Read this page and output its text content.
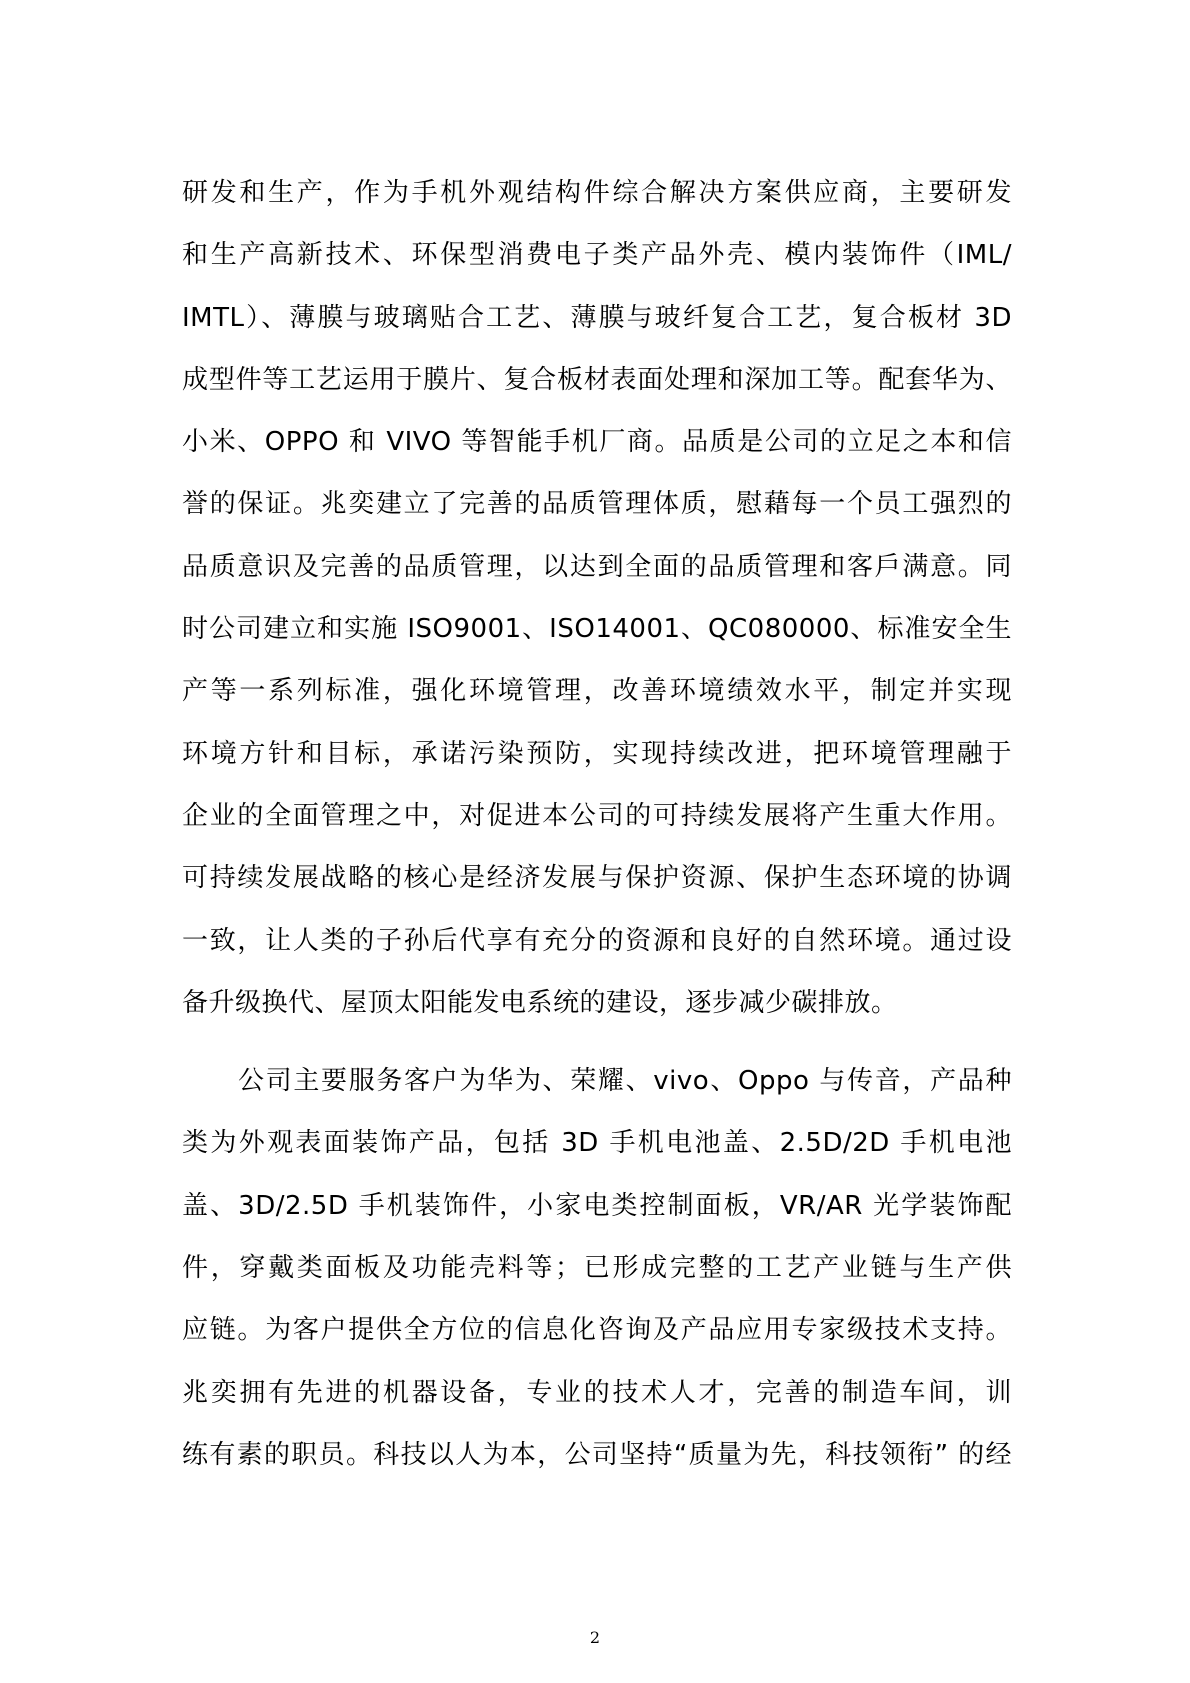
研发和生产，作为手机外观结构件综合解决方案供应商，主要研发
和生产高新技术、环保型消费电子类产品外壳、模内装饰件（IML/
IMTL）、薄膜与玻璃贴合工艺、薄膜与玻纤复合工艺，复合板材 3D
成型件等工艺运用于膜片、复合板材表面处理和深加工等。配套华为、
小米、OPPO 和 VIVO 等智能手机厂商。品质是公司的立足之本和信
誉的保证。兆奕建立了完善的品质管理体质，慰藉每一个员工强烈的
品质意识及完善的品质管理，以达到全面的品质管理和客戶满意。同
时公司建立和实施 ISO9001、ISO14001、QC080000、标准安全生
产等一系列标准，强化环境管理，改善环境绩效水平，制定并实现
环境方针和目标，承诺污染预防，实现持续改进，把环境管理融于
企业的全面管理之中，对促进本公司的可持续发展将产生重大作用。
可持续发展战略的核心是经济发展与保护资源、保护生态环境的协调
一致，让人类的子孙后代享有充分的资源和良好的自然环境。通过设
备升级换代、屋顶太阳能发电系统的建设，逐步减少碳排放。
公司主要服务客户为华为、荣耀、vivo、Oppo 与传音，产品种
类为外观表面装饰产品，包括 3D 手机电池盖、2.5D/2D 手机电池
盖、3D/2.5D 手机装饰件，小家电类控制面板，VR/AR 光学装饰配
件，穿戴类面板及功能壳料等；已形成完整的工艺产业链与生产供
应链。为客户提供全方位的信息化咨询及产品应用专家级技术支持。
兆奕拥有先进的机器设备，专业的技术人才，完善的制造车间，训
练有素的职员。科技以人为本，公司坚持“质量为先，科技领衔” 的经
2
